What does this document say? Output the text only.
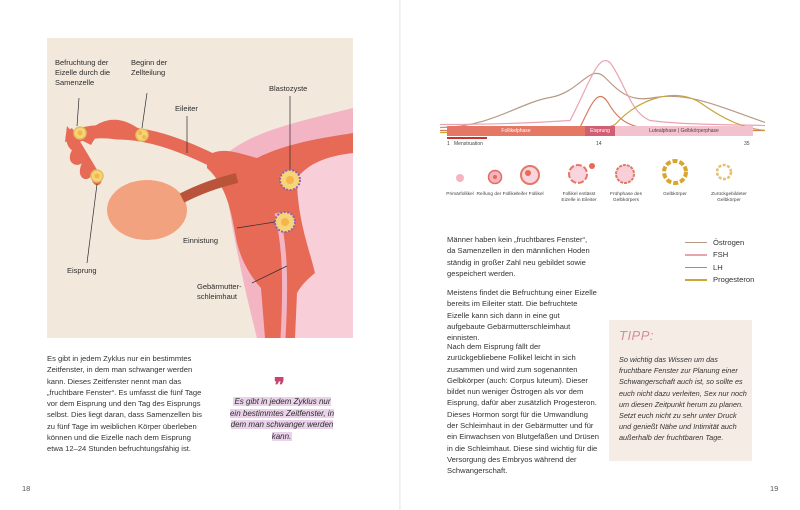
Befruchtung der Eizelle durch die Samenzelle
Beginn der Zellteilung
Eileiter
Blastozyste
Einnistung
Eisprung
Gebärmutter-schleimhaut
Es gibt in jedem Zyklus nur ein bestimmtes Zeitfenster, in dem man schwanger werden kann. Dieses Zeitfenster nennt man das „fruchtbare Fenster“. Es umfasst die fünf Tage vor dem Eisprung und den Tag des Eisprungs selbst. Dies liegt daran, dass Samenzellen bis zu fünf Tage im weiblichen Körper überleben können und die Eizelle nach dem Eisprung etwa 12–24 Stunden befruchtungsfähig ist.
❞
Es gibt in jedem Zyklus nur ein bestimmtes Zeitfenster, in dem man schwanger werden kann.
18
Follikelphase	Eisprung	Lutealphase | Gelbkörperphase
1 Menstruation	14	35
Primärfollikel Reifung der Follikel
reifer Follikel	Follikel entlässt Eizelle in Eileiter
Frühphase des Gelbkörpers
Gelbkörper	Zurückgebildeter Gelbkörper
Männer haben kein „fruchtbares Fenster“, da Samenzellen in den männlichen Hoden ständig in großer Zahl neu gebildet sowie gespeichert werden.
Meistens findet die Befruchtung einer Eizelle bereits im Eileiter statt. Die befruchtete Eizelle kann sich dann in eine gut aufgebaute Gebärmutterschleimhaut einnisten.
Nach dem Eisprung fällt der zurückgebliebene Follikel leicht in sich zusammen und wird zum sogenannten Gelbkörper (auch: Corpus luteum). Dieser bildet nun weniger Östrogen als vor dem Eisprung, dafür aber zusätzlich Progesteron. Dieses Hormon sorgt für die Umwandlung der Schleimhaut in der Gebärmutter und für ein Einwachsen von Blutgefäßen und Drüsen in die Schleimhaut. Diese sind wichtig für die Versorgung des Embryos während der Schwangerschaft.
Östrogen
FSH
LH
Progesteron
TIPP:
So wichtig das Wissen um das fruchtbare Fenster zur Planung einer Schwangerschaft auch ist, so sollte es euch nicht dazu verleiten, Sex nur noch um diesen Zeitpunkt herum zu planen. Setzt euch nicht zu sehr unter Druck und genießt Nähe und Intimität auch außerhalb der fruchtbaren Tage.
19
